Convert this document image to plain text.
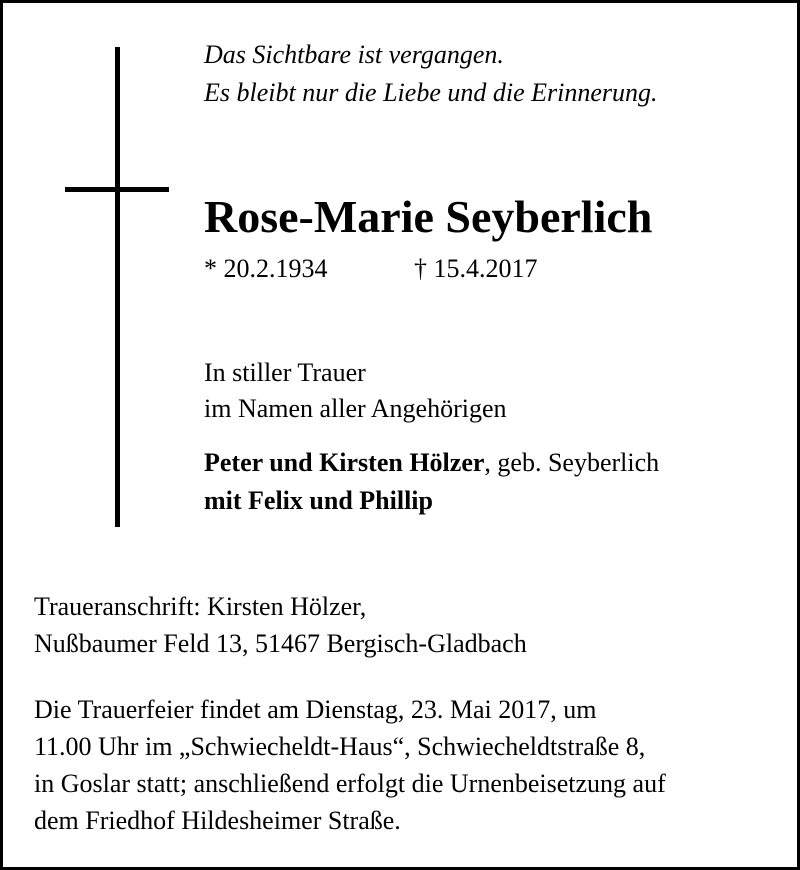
Das Sichtbare ist vergangen.
Es bleibt nur die Liebe und die Erinnerung.
Rose-Marie Seyberlich
* 20.2.1934	† 15.4.2017
In stiller Trauer
im Namen aller Angehörigen
Peter und Kirsten Hölzer, geb. Seyberlich
mit Felix und Phillip
Traueranschrift: Kirsten Hölzer,
Nußbaumer Feld 13, 51467 Bergisch-Gladbach
Die Trauerfeier findet am Dienstag, 23. Mai 2017, um
11.00 Uhr im „Schwiecheldt-Haus“, Schwiecheldtstraße 8,
in Goslar statt; anschließend erfolgt die Urnenbeisetzung auf
dem Friedhof Hildesheimer Straße.
